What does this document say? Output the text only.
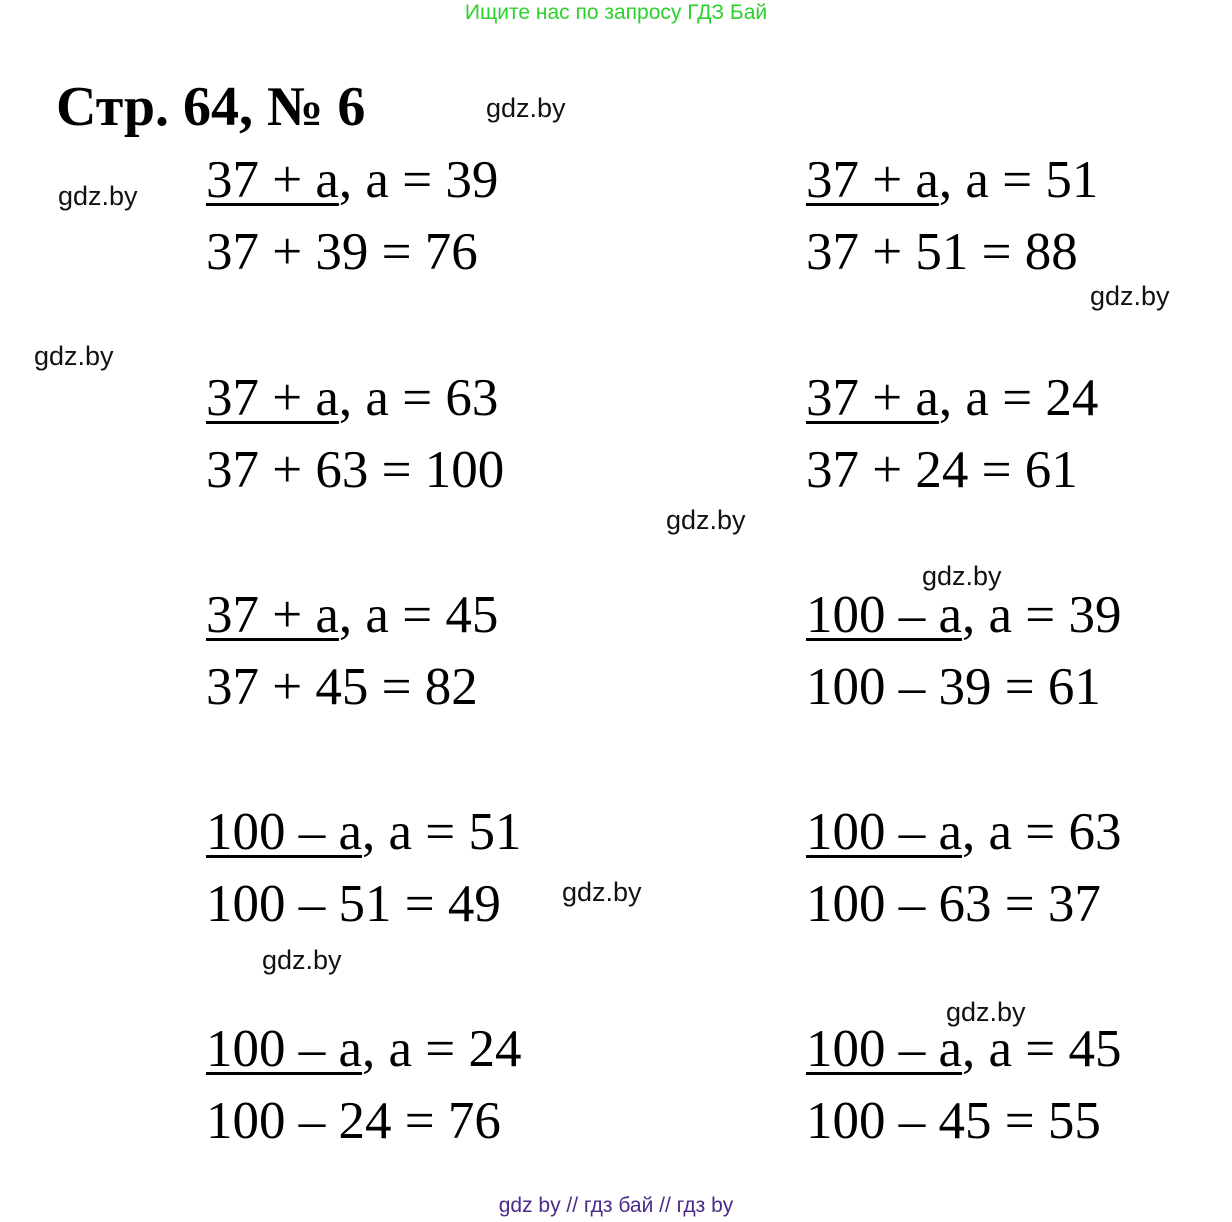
Ищите нас по запросу ГДЗ Бай
Стр. 64, № 6	gdz.by
gdz.by
gdz.by
gdz.by
gdz.by
gdz.by
gdz.by
gdz.by
gdz.by
37 + a, a = 39
37 + 39 = 76
37 + a, a = 63
37 + 63 = 100
37 + a, a = 45
37 + 45 = 82
100 – a, a = 51
100 – 51 = 49
100 – a, a = 24
100 – 24 = 76
37 + a, a = 51
37 + 51 = 88
37 + a, a = 24
37 + 24 = 61
100 – a, a = 39
100 – 39 = 61
100 – a, a = 63
100 – 63 = 37
100 – a, a = 45
100 – 45 = 55
gdz by // гдз бай // гдз by
